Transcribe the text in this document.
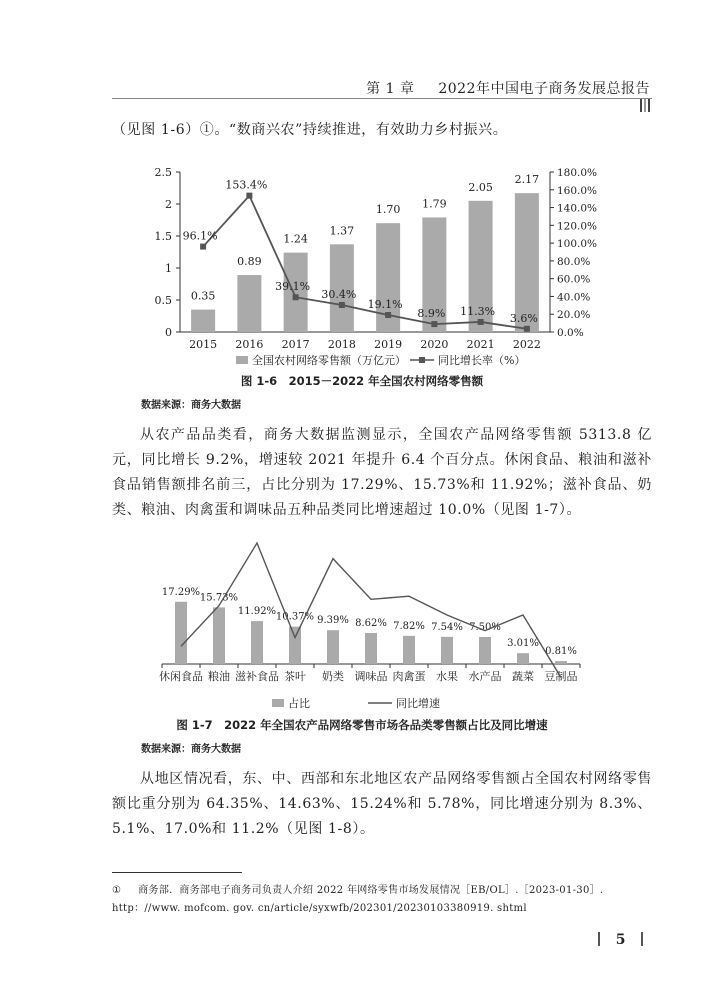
第 1 章 2022年中国电子商务发展总报告
（见图 1-6）①。“数商兴农”持续推进，有效助力乡村振兴。
0
0.5
1
1.5
2
2.5
0.0%
20.0%
40.0%
60.0%
80.0%
100.0%
120.0%
140.0%
160.0%
180.0%
2015 2016 2017 2018 2019 2020 2021 2022
0.35
0.89
1.24
1.37
1.70 1.79
2.05
2.17
96.1%
153.4%
39.1%
30.4%
19.1%
8.9% 11.3%
3.6%
全国农村网络零售额（万亿元）	同比增长率（%）
图 1-6　2015－2022 年全国农村网络零售额
数据来源：商务大数据
从农产品品类看，商务大数据监测显示，全国农产品网络零售额 5313.8 亿元，同比增长 9.2%，增速较 2021 年提升 6.4 个百分点。休闲食品、粮油和滋补食品销售额排名前三，占比分别为 17.29%、15.73%和 11.92%；滋补食品、奶类、粮油、肉禽蛋和调味品五种品类同比增速超过 10.0%（见图 1-7）。
休闲食品 粮油 滋补食品 茶叶 奶类 调味品 肉禽蛋 水果 水产品 蔬菜 豆制品
17.29%
15.73%
11.92%
10.37% 9.39% 8.62% 7.82% 7.54% 7.50%
3.01%
0.81%
占比	同比增速
图 1-7　2022 年全国农产品网络零售市场各品类零售额占比及同比增速
数据来源：商务大数据
从地区情况看，东、中、西部和东北地区农产品网络零售额占全国农村网络零售额比重分别为 64.35%、14.63%、15.24%和 5.78%，同比增速分别为 8.3%、5.1%、17.0%和 11.2%（见图 1-8）。
① 商务部．商务部电子商务司负责人介绍 2022 年网络零售市场发展情况［EB/OL］.［2023-01-30］. http：//www. mofcom. gov. cn/article/syxwfb/202301/20230103380919. shtml
5
